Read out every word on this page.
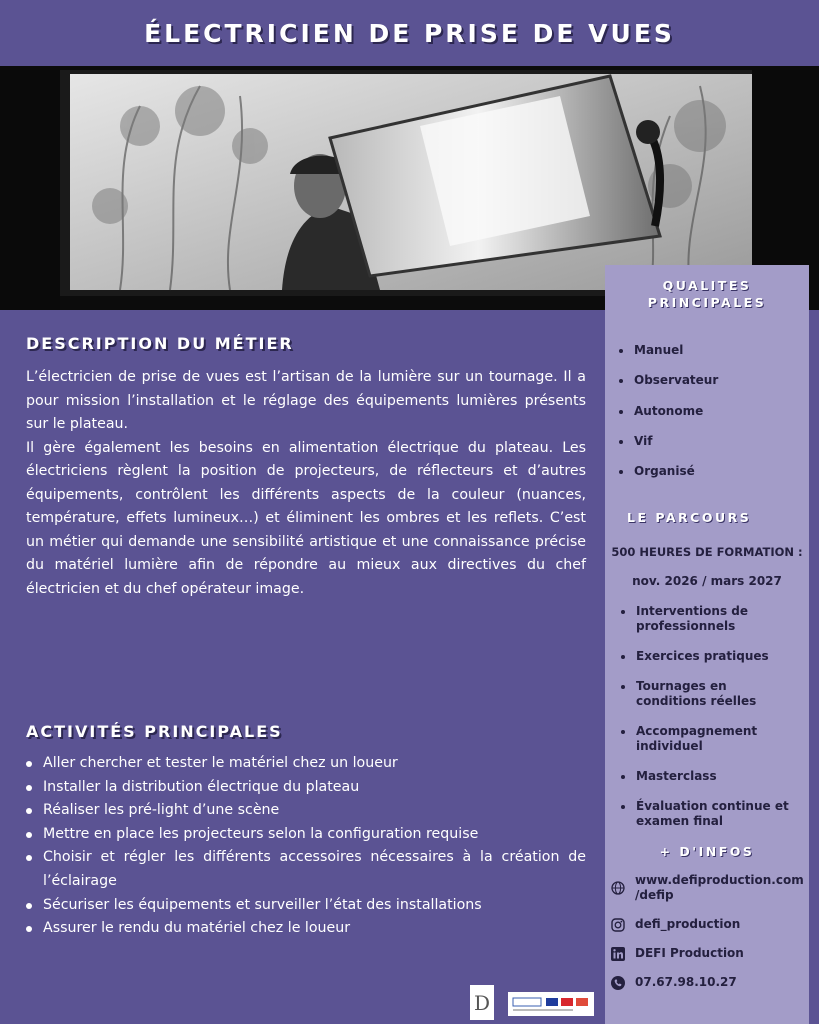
ÉLECTRICIEN DE PRISE DE VUES
DESCRIPTION DU MÉTIER

L’électricien de prise de vues est l’artisan de la lumière sur un tournage. Il a pour mission l’installation et le réglage des équipements lumières présents sur le plateau.

Il gère également les besoins en alimentation électrique du plateau. Les électriciens règlent la position de projecteurs, de réflecteurs et d’autres équipements, contrôlent les différents aspects de la couleur (nuances, température, effets lumineux…) et éliminent les ombres et les reflets. C’est un métier qui demande une sensibilité artistique et une connaissance précise du matériel lumière afin de répondre au mieux aux directives du chef électricien et du chef opérateur image.

ACTIVITÉS PRINCIPALES
Aller chercher et tester le matériel chez un loueur
Installer la distribution électrique du plateau
Réaliser les pré-light d’une scène
Mettre en place les projecteurs selon la configuration requise
Choisir et régler les différents accessoires nécessaires à la création de l’éclairage
Sécuriser les équipements et surveiller l’état des installations
Assurer le rendu du matériel chez le loueur
QUALITES
PRINCIPALES
Manuel
Observateur
Autonome
Vif
Organisé
LE PARCOURS
500 HEURES DE FORMATION :
nov. 2026 / mars 2027
Interventions de professionnels
Exercices pratiques
Tournages en conditions réelles
Accompagnement individuel
Masterclass
Évaluation continue et examen final
+ D'INFOS
www.defiproduction.com /defip
defi_production
DEFI Production
07.67.98.10.27
D
